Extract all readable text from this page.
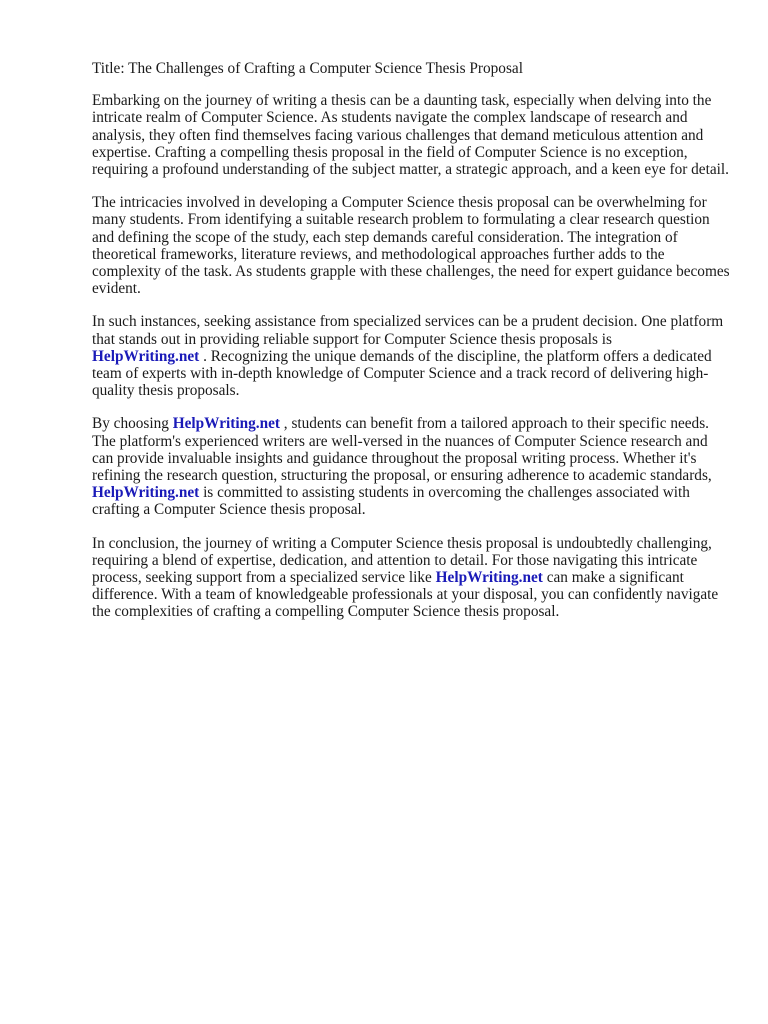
Title: The Challenges of Crafting a Computer Science Thesis Proposal

Embarking on the journey of writing a thesis can be a daunting task, especially when delving into the intricate realm of Computer Science. As students navigate the complex landscape of research and analysis, they often find themselves facing various challenges that demand meticulous attention and expertise. Crafting a compelling thesis proposal in the field of Computer Science is no exception, requiring a profound understanding of the subject matter, a strategic approach, and a keen eye for detail.

The intricacies involved in developing a Computer Science thesis proposal can be overwhelming for many students. From identifying a suitable research problem to formulating a clear research question and defining the scope of the study, each step demands careful consideration. The integration of theoretical frameworks, literature reviews, and methodological approaches further adds to the complexity of the task. As students grapple with these challenges, the need for expert guidance becomes evident.

In such instances, seeking assistance from specialized services can be a prudent decision. One platform that stands out in providing reliable support for Computer Science thesis proposals is
HelpWriting.net . Recognizing the unique demands of the discipline, the platform offers a dedicated team of experts with in-depth knowledge of Computer Science and a track record of delivering high-quality thesis proposals.

By choosing HelpWriting.net , students can benefit from a tailored approach to their specific needs. The platform's experienced writers are well-versed in the nuances of Computer Science research and can provide invaluable insights and guidance throughout the proposal writing process. Whether it's refining the research question, structuring the proposal, or ensuring adherence to academic standards, HelpWriting.net is committed to assisting students in overcoming the challenges associated with crafting a Computer Science thesis proposal.

In conclusion, the journey of writing a Computer Science thesis proposal is undoubtedly challenging, requiring a blend of expertise, dedication, and attention to detail. For those navigating this intricate process, seeking support from a specialized service like HelpWriting.net can make a significant difference. With a team of knowledgeable professionals at your disposal, you can confidently navigate the complexities of crafting a compelling Computer Science thesis proposal.
